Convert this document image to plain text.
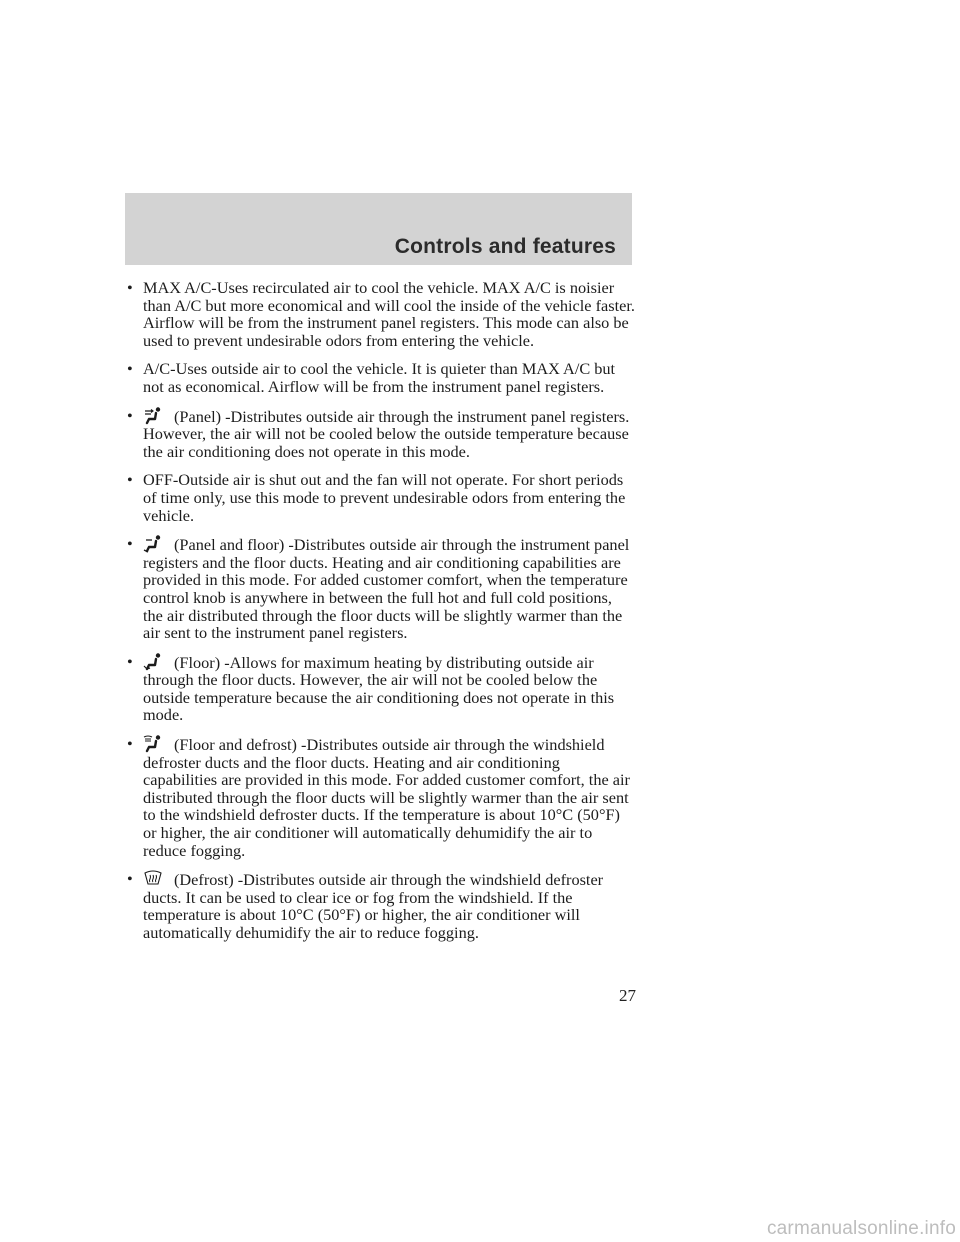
Controls and features
• MAX A/C-Uses recirculated air to cool the vehicle. MAX A/C is noisier than A/C but more economical and will cool the inside of the vehicle faster. Airflow will be from the instrument panel registers. This mode can also be used to prevent undesirable odors from entering the vehicle.
• A/C-Uses outside air to cool the vehicle. It is quieter than MAX A/C but not as economical. Airflow will be from the instrument panel registers.
•	(Panel) -Distributes outside air through the instrument panel registers. However, the air will not be cooled below the outside temperature because the air conditioning does not operate in this mode.
• OFF-Outside air is shut out and the fan will not operate. For short periods of time only, use this mode to prevent undesirable odors from entering the vehicle.
•	(Panel and floor) -Distributes outside air through the instrument panel registers and the floor ducts. Heating and air conditioning capabilities are provided in this mode. For added customer comfort, when the temperature control knob is anywhere in between the full hot and full cold positions, the air distributed through the floor ducts will be slightly warmer than the air sent to the instrument panel registers.
•	(Floor) -Allows for maximum heating by distributing outside air through the floor ducts. However, the air will not be cooled below the outside temperature because the air conditioning does not operate in this mode.
•	(Floor and defrost) -Distributes outside air through the windshield defroster ducts and the floor ducts. Heating and air conditioning capabilities are provided in this mode. For added customer comfort, the air distributed through the floor ducts will be slightly warmer than the air sent to the windshield defroster ducts. If the temperature is about 10°C (50°F) or higher, the air conditioner will automatically dehumidify the air to reduce fogging.
•	(Defrost) -Distributes outside air through the windshield defroster ducts. It can be used to clear ice or fog from the windshield. If the temperature is about 10°C (50°F) or higher, the air conditioner will automatically dehumidify the air to reduce fogging.
27
carmanualsonline.info
